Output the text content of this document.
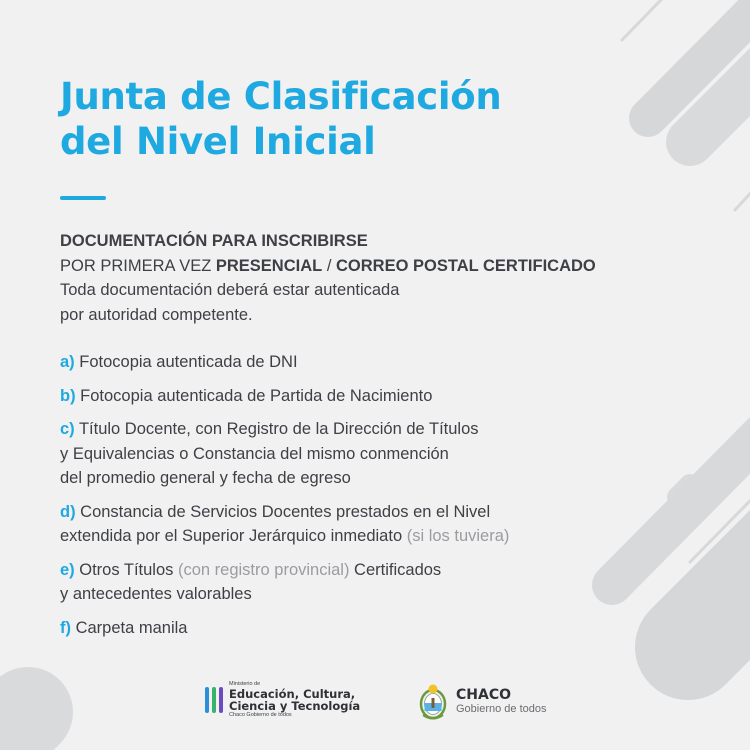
Junta de Clasificación
del Nivel Inicial
DOCUMENTACIÓN PARA INSCRIBIRSE
POR PRIMERA VEZ PRESENCIAL / CORREO POSTAL CERTIFICADO
Toda documentación deberá estar autenticada
por autoridad competente.
a) Fotocopia autenticada de DNI
b) Fotocopia autenticada de Partida de Nacimiento
c) Título Docente, con Registro de la Dirección de Títulos
y Equivalencias o Constancia del mismo conmención
del promedio general y fecha de egreso
d) Constancia de Servicios Docentes prestados en el Nivel
extendida por el Superior Jerárquico inmediato (si los tuviera)
e) Otros Títulos (con registro provincial) Certificados
y antecedentes valorables
f) Carpeta manila
Ministerio de
Educación, Cultura,
Ciencia y Tecnología
Chaco Gobierno de todos
CHACO
Gobierno de todos
